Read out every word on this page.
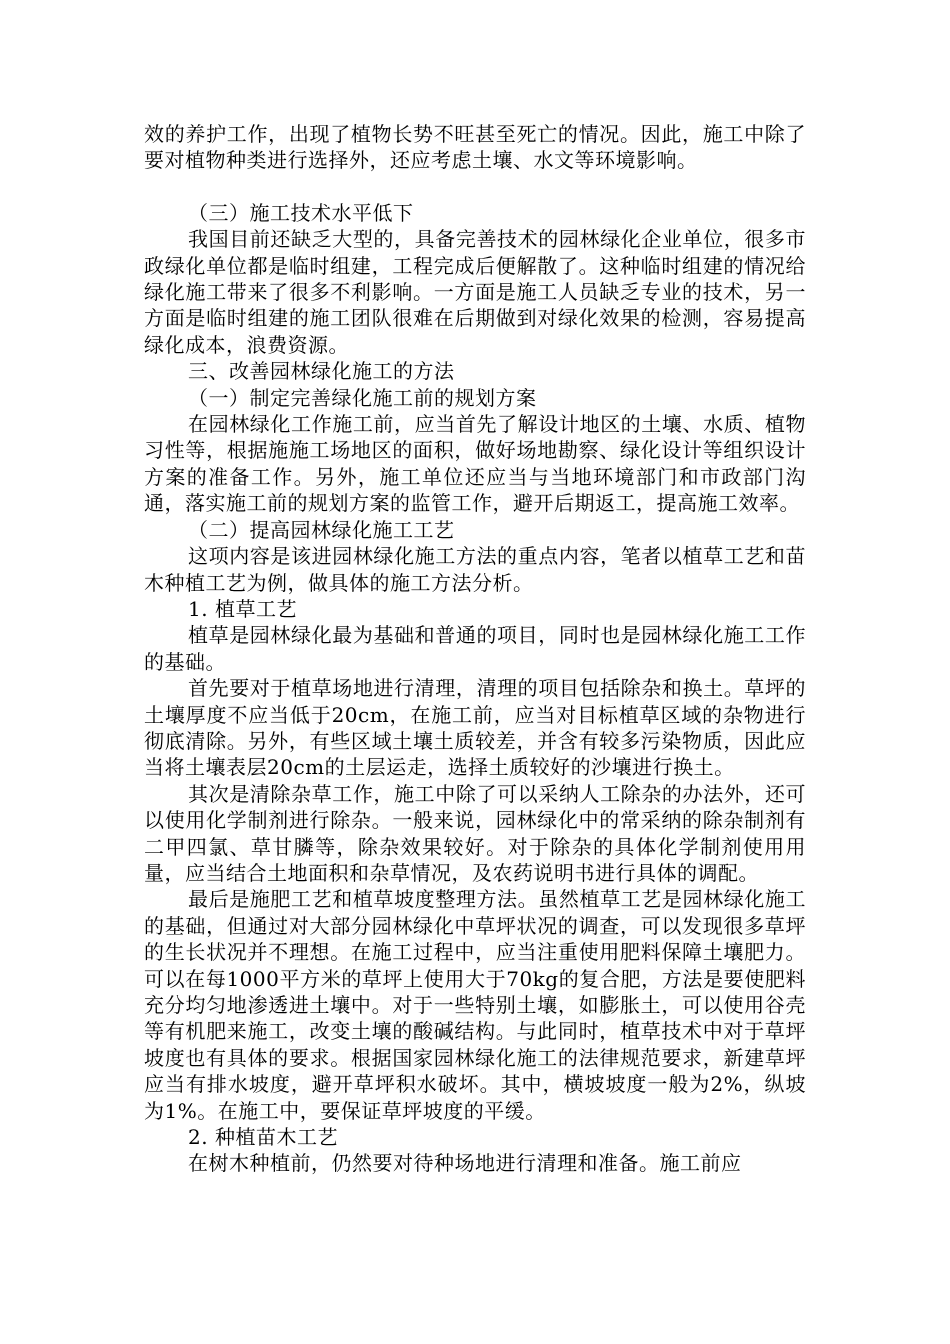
效的养护工作，出现了植物长势不旺甚至死亡的情况。因此，施工中除了要对植物种类进行选择外，还应考虑土壤、水文等环境影响。

（三）施工技术水平低下

我国目前还缺乏大型的，具备完善技术的园林绿化企业单位，很多市政绿化单位都是临时组建，工程完成后便解散了。这种临时组建的情况给绿化施工带来了很多不利影响。一方面是施工人员缺乏专业的技术，另一方面是临时组建的施工团队很难在后期做到对绿化效果的检测，容易提高绿化成本，浪费资源。

三、改善园林绿化施工的方法

（一）制定完善绿化施工前的规划方案

在园林绿化工作施工前，应当首先了解设计地区的土壤、水质、植物习性等，根据施施工场地区的面积，做好场地勘察、绿化设计等组织设计方案的准备工作。另外，施工单位还应当与当地环境部门和市政部门沟通，落实施工前的规划方案的监管工作，避开后期返工，提高施工效率。

（二）提高园林绿化施工工艺

这项内容是该进园林绿化施工方法的重点内容，笔者以植草工艺和苗木种植工艺为例，做具体的施工方法分析。

1. 植草工艺

植草是园林绿化最为基础和普通的项目，同时也是园林绿化施工工作的基础。

首先要对于植草场地进行清理，清理的项目包括除杂和换土。草坪的土壤厚度不应当低于20cm，在施工前，应当对目标植草区域的杂物进行彻底清除。另外，有些区域土壤土质较差，并含有较多污染物质，因此应当将土壤表层20cm的土层运走，选择土质较好的沙壤进行换土。

其次是清除杂草工作，施工中除了可以采纳人工除杂的办法外，还可以使用化学制剂进行除杂。一般来说，园林绿化中的常采纳的除杂制剂有二甲四氯、草甘膦等，除杂效果较好。对于除杂的具体化学制剂使用用量，应当结合土地面积和杂草情况，及农药说明书进行具体的调配。

最后是施肥工艺和植草坡度整理方法。虽然植草工艺是园林绿化施工的基础，但通过对大部分园林绿化中草坪状况的调查，可以发现很多草坪的生长状况并不理想。在施工过程中，应当注重使用肥料保障土壤肥力。可以在每1000平方米的草坪上使用大于70kg的复合肥，方法是要使肥料充分均匀地渗透进土壤中。对于一些特别土壤，如膨胀土，可以使用谷壳等有机肥来施工，改变土壤的酸碱结构。与此同时，植草技术中对于草坪坡度也有具体的要求。根据国家园林绿化施工的法律规范要求，新建草坪应当有排水坡度，避开草坪积水破坏。其中，横坡坡度一般为2%，纵坡为1%。在施工中，要保证草坪坡度的平缓。

2. 种植苗木工艺

在树木种植前，仍然要对待种场地进行清理和准备。施工前应
